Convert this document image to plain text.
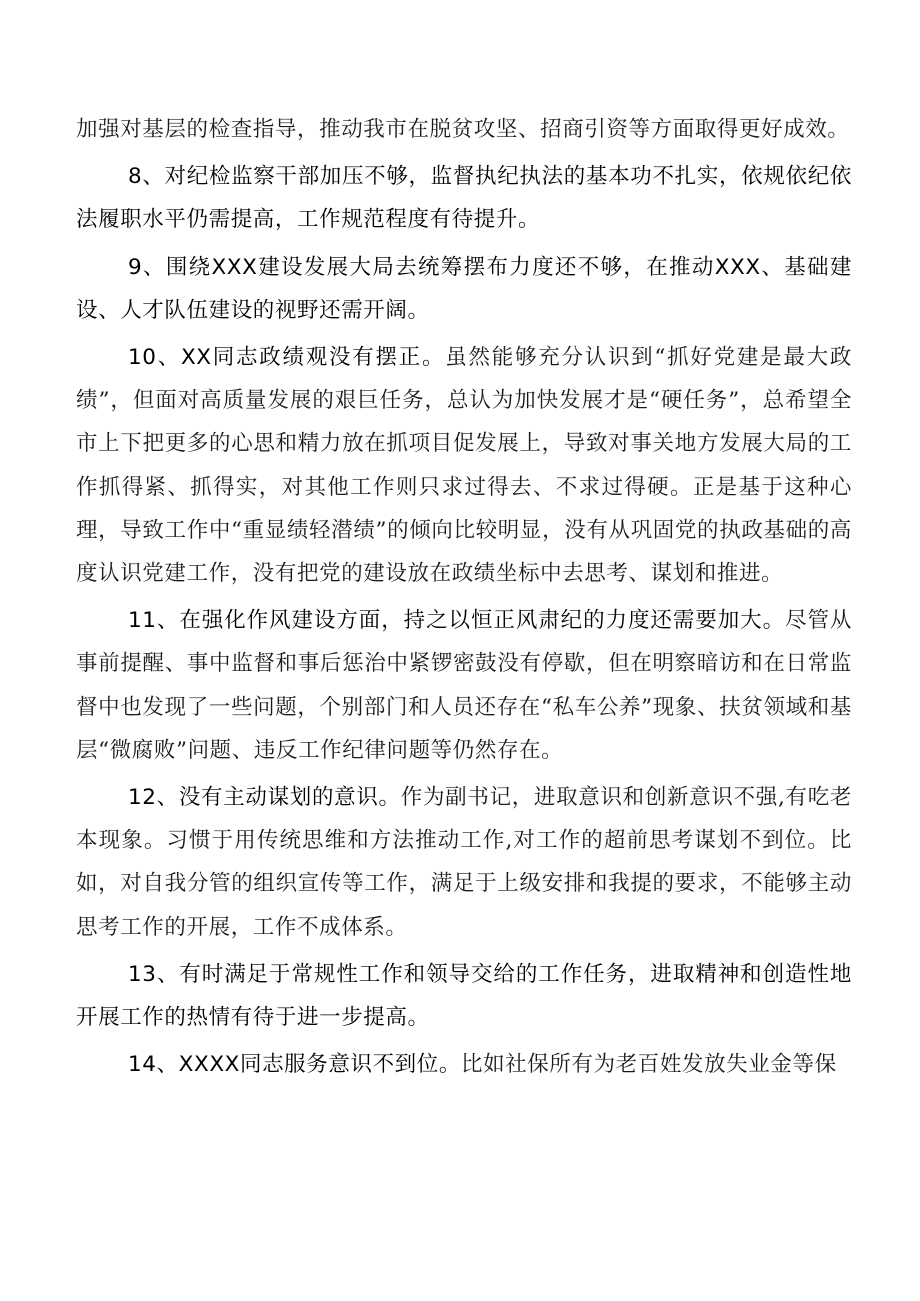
加强对基层的检查指导，推动我市在脱贫攻坚、招商引资等方面取得更好成效。

8、对纪检监察干部加压不够，监督执纪执法的基本功不扎实，依规依纪依法履职水平仍需提高，工作规范程度有待提升。

9、围绕XXX建设发展大局去统筹摆布力度还不够，在推动XXX、基础建设、人才队伍建设的视野还需开阔。

10、XX同志政绩观没有摆正。虽然能够充分认识到“抓好党建是最大政绩”，但面对高质量发展的艰巨任务，总认为加快发展才是“硬任务”，总希望全市上下把更多的心思和精力放在抓项目促发展上，导致对事关地方发展大局的工作抓得紧、抓得实，对其他工作则只求过得去、不求过得硬。正是基于这种心理，导致工作中“重显绩轻潜绩”的倾向比较明显，没有从巩固党的执政基础的高度认识党建工作，没有把党的建设放在政绩坐标中去思考、谋划和推进。

11、在强化作风建设方面，持之以恒正风肃纪的力度还需要加大。尽管从事前提醒、事中监督和事后惩治中紧锣密鼓没有停歇，但在明察暗访和在日常监督中也发现了一些问题，个别部门和人员还存在“私车公养”现象、扶贫领域和基层“微腐败”问题、违反工作纪律问题等仍然存在。

12、没有主动谋划的意识。作为副书记，进取意识和创新意识不强,有吃老本现象。习惯于用传统思维和方法推动工作,对工作的超前思考谋划不到位。比如，对自我分管的组织宣传等工作，满足于上级安排和我提的要求，不能够主动思考工作的开展，工作不成体系。

13、有时满足于常规性工作和领导交给的工作任务，进取精神和创造性地开展工作的热情有待于进一步提高。

14、XXXX同志服务意识不到位。比如社保所有为老百姓发放失业金等保
